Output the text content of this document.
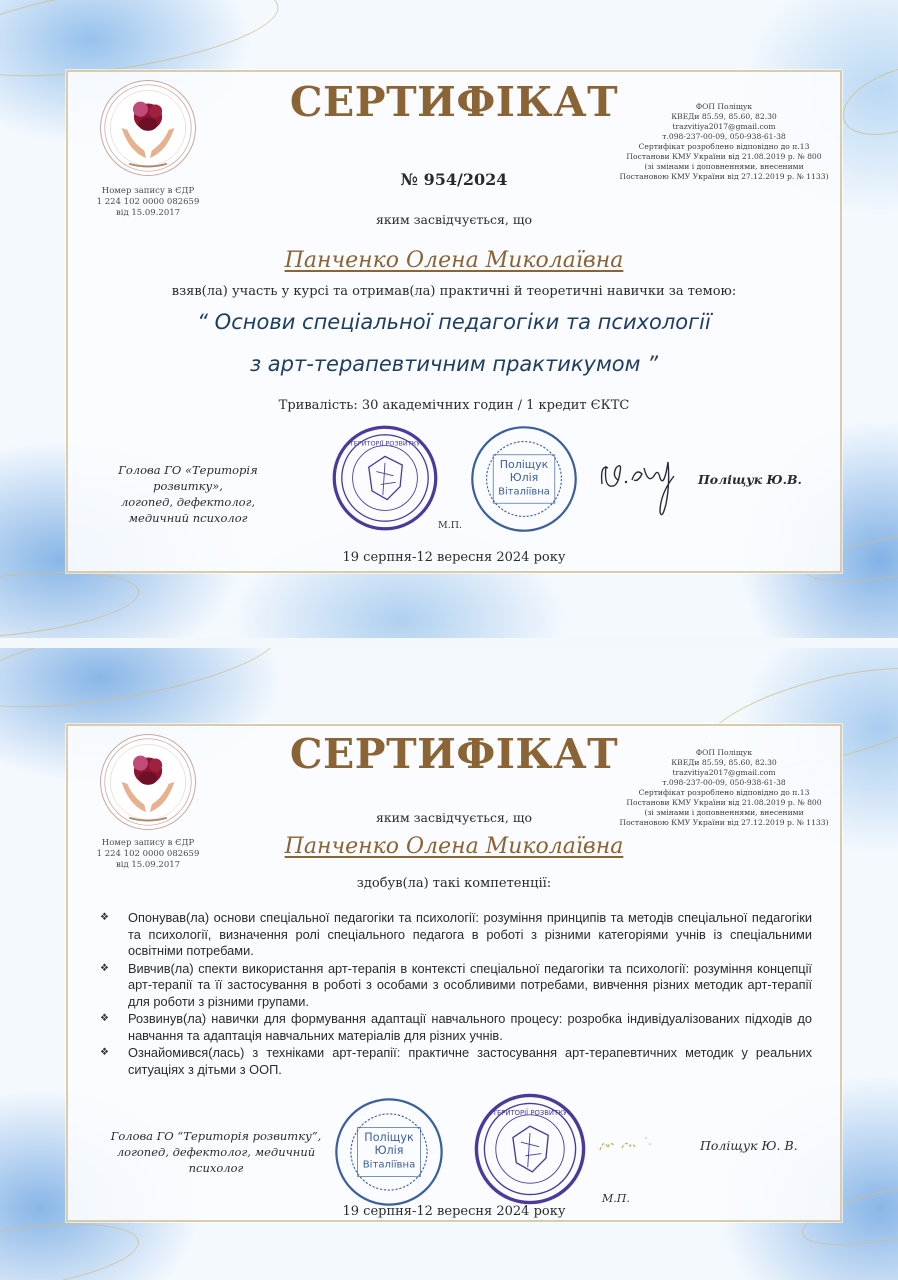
Номер запису в ЄДР
1 224 102 0000 082659
від 15.09.2017
СЕРТИФІКАТ	ФОП Поліщук
КВЕДи 85.59, 85.60, 82.30
trazvitiya2017@gmail.com
т.098-237-00-09, 050-938-61-38
Сертифікат розроблено відповідно до п.13
Постанови КМУ України від 21.08.2019 р. № 800
(зі змінами і доповненнями, внесеними
Постановою КМУ України від 27.12.2019 р. № 1133)
№ 954/2024
яким засвідчується, що
Панченко Олена Миколаївна
взяв(ла) участь у курсі та отримав(ла) практичні й теоретичні навички за темою:
“ Основи спеціальної педагогіки та психології
з арт-терапевтичним практикумом ”
Тривалість: 30 академічних годин / 1 кредит ЄКТС
Голова ГО «Територія розвитку»,
логопед, дефектолог,
медичний психолог
«ТЕРИТОРІЇ РОЗВИТКУ»
М.П.
Поліщук
Юлія
Віталіївна
Поліщук Ю.В.
19 серпня-12 вересня 2024 року
Номер запису в ЄДР
1 224 102 0000 082659
від 15.09.2017
СЕРТИФІКАТ	ФОП Поліщук
КВЕДи 85.59, 85.60, 82.30
trazvitiya2017@gmail.com
т.098-237-00-09, 050-938-61-38
Сертифікат розроблено відповідно до п.13
Постанови КМУ України від 21.08.2019 р. № 800
(зі змінами і доповненнями, внесеними
Постановою КМУ України від 27.12.2019 р. № 1133)
яким засвідчується, що
Панченко Олена Миколаївна
здобув(ла) такі компетенції:
❖ Опонував(ла) основи спеціальної педагогіки та психології: розуміння принципів та методів спеціальної педагогіки та психології, визначення ролі спеціального педагога в роботі з різними категоріями учнів із спеціальними освітніми потребами.
❖ Вивчив(ла) спекти використання арт-терапія в контексті спеціальної педагогіки та психології: розуміння концепції арт-терапії та її застосування в роботі з особами з особливими потребами, вивчення різних методик арт-терапії для роботи з різними групами.
❖ Розвинув(ла) навички для формування адаптації навчального процесу: розробка індивідуалізованих підходів до навчання та адаптація навчальних матеріалів для різних учнів.
❖ Ознайомився(лась) з техніками арт-терапії: практичне застосування арт-терапевтичних методик у реальних ситуаціях з дітьми з ООП.
Голова ГО “Територія розвитку”,
логопед, дефектолог, медичний
психолог
Поліщук
Юлія
Віталіївна
«ТЕРИТОРІЇ РОЗВИТКУ»
Поліщук Ю. В.
М.П.
19 серпня-12 вересня 2024 року
